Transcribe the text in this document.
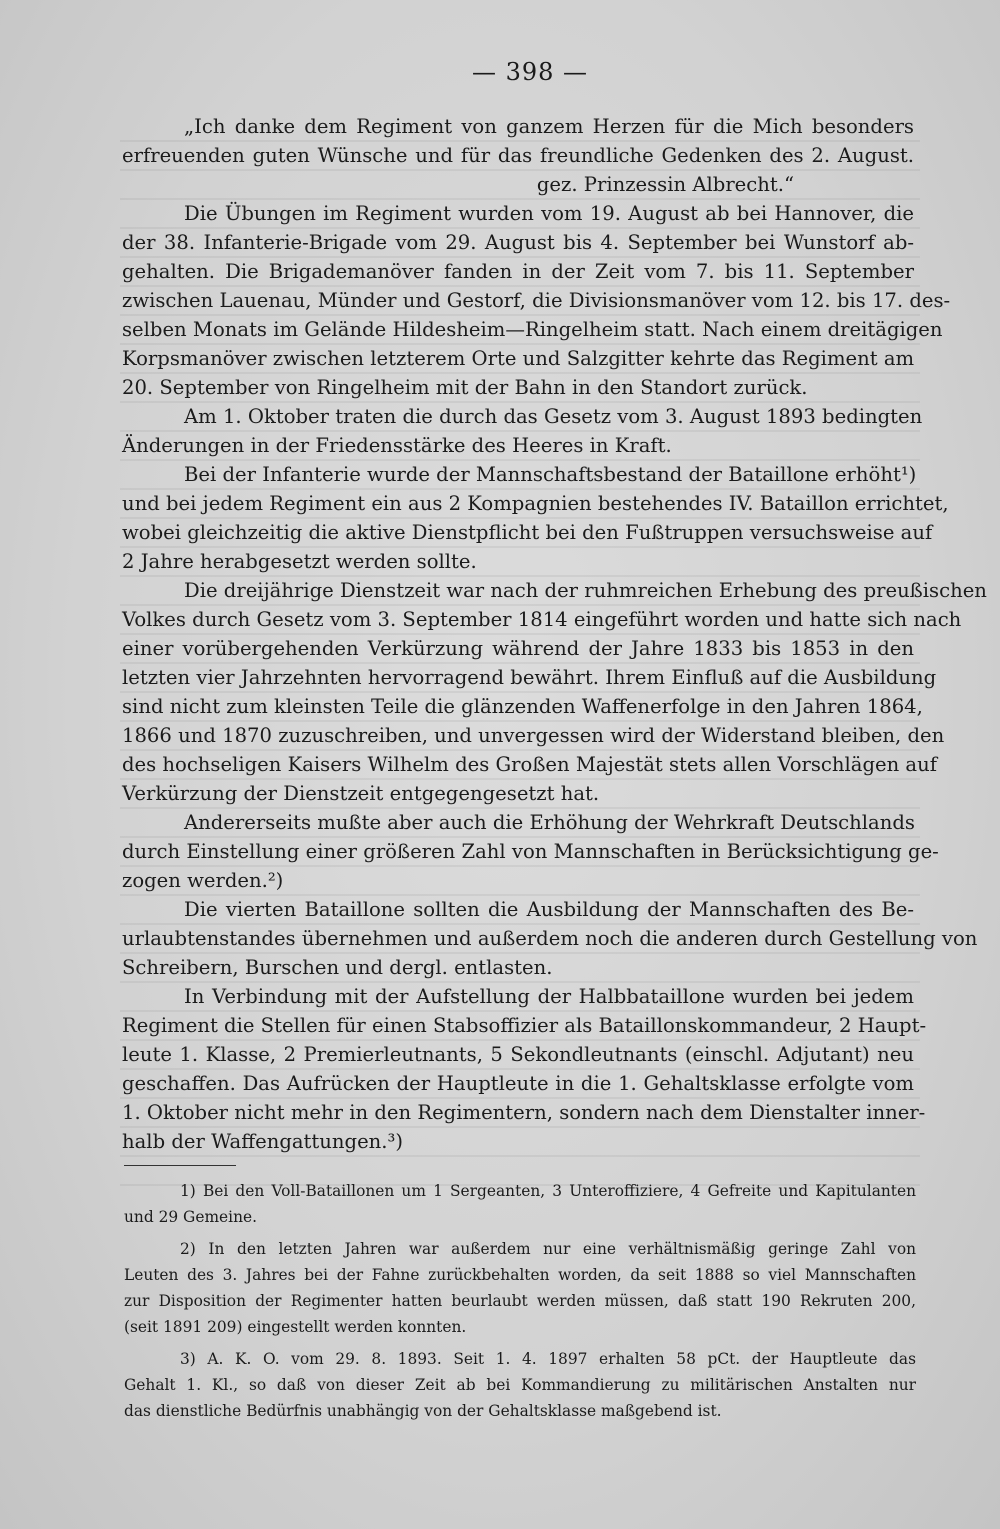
— 398 —
„Ich danke dem Regiment von ganzem Herzen für die Mich besonders
erfreuenden guten Wünsche und für das freundliche Gedenken des 2. August.
gez. Prinzessin Albrecht.“
Die Übungen im Regiment wurden vom 19. August ab bei Hannover, die
der 38. Infanterie-Brigade vom 29. August bis 4. September bei Wunstorf ab-
gehalten. Die Brigademanöver fanden in der Zeit vom 7. bis 11. September
zwischen Lauenau, Münder und Gestorf, die Divisionsmanöver vom 12. bis 17. des-
selben Monats im Gelände Hildesheim—Ringelheim statt. Nach einem dreitägigen
Korpsmanöver zwischen letzterem Orte und Salzgitter kehrte das Regiment am
20. September von Ringelheim mit der Bahn in den Standort zurück.
Am 1. Oktober traten die durch das Gesetz vom 3. August 1893 bedingten
Änderungen in der Friedensstärke des Heeres in Kraft.
Bei der Infanterie wurde der Mannschaftsbestand der Bataillone erhöht¹)
und bei jedem Regiment ein aus 2 Kompagnien bestehendes IV. Bataillon errichtet,
wobei gleichzeitig die aktive Dienstpflicht bei den Fußtruppen versuchsweise auf
2 Jahre herabgesetzt werden sollte.
Die dreijährige Dienstzeit war nach der ruhmreichen Erhebung des preußischen
Volkes durch Gesetz vom 3. September 1814 eingeführt worden und hatte sich nach
einer vorübergehenden Verkürzung während der Jahre 1833 bis 1853 in den
letzten vier Jahrzehnten hervorragend bewährt. Ihrem Einfluß auf die Ausbildung
sind nicht zum kleinsten Teile die glänzenden Waffenerfolge in den Jahren 1864,
1866 und 1870 zuzuschreiben, und unvergessen wird der Widerstand bleiben, den
des hochseligen Kaisers Wilhelm des Großen Majestät stets allen Vorschlägen auf
Verkürzung der Dienstzeit entgegengesetzt hat.
Andererseits mußte aber auch die Erhöhung der Wehrkraft Deutschlands
durch Einstellung einer größeren Zahl von Mannschaften in Berücksichtigung ge-
zogen werden.²)
Die vierten Bataillone sollten die Ausbildung der Mannschaften des Be-
urlaubtenstandes übernehmen und außerdem noch die anderen durch Gestellung von
Schreibern, Burschen und dergl. entlasten.
In Verbindung mit der Aufstellung der Halbbataillone wurden bei jedem
Regiment die Stellen für einen Stabsoffizier als Bataillonskommandeur, 2 Haupt-
leute 1. Klasse, 2 Premierleutnants, 5 Sekondleutnants (einschl. Adjutant) neu
geschaffen. Das Aufrücken der Hauptleute in die 1. Gehaltsklasse erfolgte vom
1. Oktober nicht mehr in den Regimentern, sondern nach dem Dienstalter inner-
halb der Waffengattungen.³)
1) Bei den Voll-Bataillonen um 1 Sergeanten, 3 Unteroffiziere, 4 Gefreite und Kapitulanten
und 29 Gemeine.
2) In den letzten Jahren war außerdem nur eine verhältnismäßig geringe Zahl von
Leuten des 3. Jahres bei der Fahne zurückbehalten worden, da seit 1888 so viel Mannschaften
zur Disposition der Regimenter hatten beurlaubt werden müssen, daß statt 190 Rekruten 200,
(seit 1891 209) eingestellt werden konnten.
3) A. K. O. vom 29. 8. 1893. Seit 1. 4. 1897 erhalten 58 pCt. der Hauptleute das
Gehalt 1. Kl., so daß von dieser Zeit ab bei Kommandierung zu militärischen Anstalten nur
das dienstliche Bedürfnis unabhängig von der Gehaltsklasse maßgebend ist.
